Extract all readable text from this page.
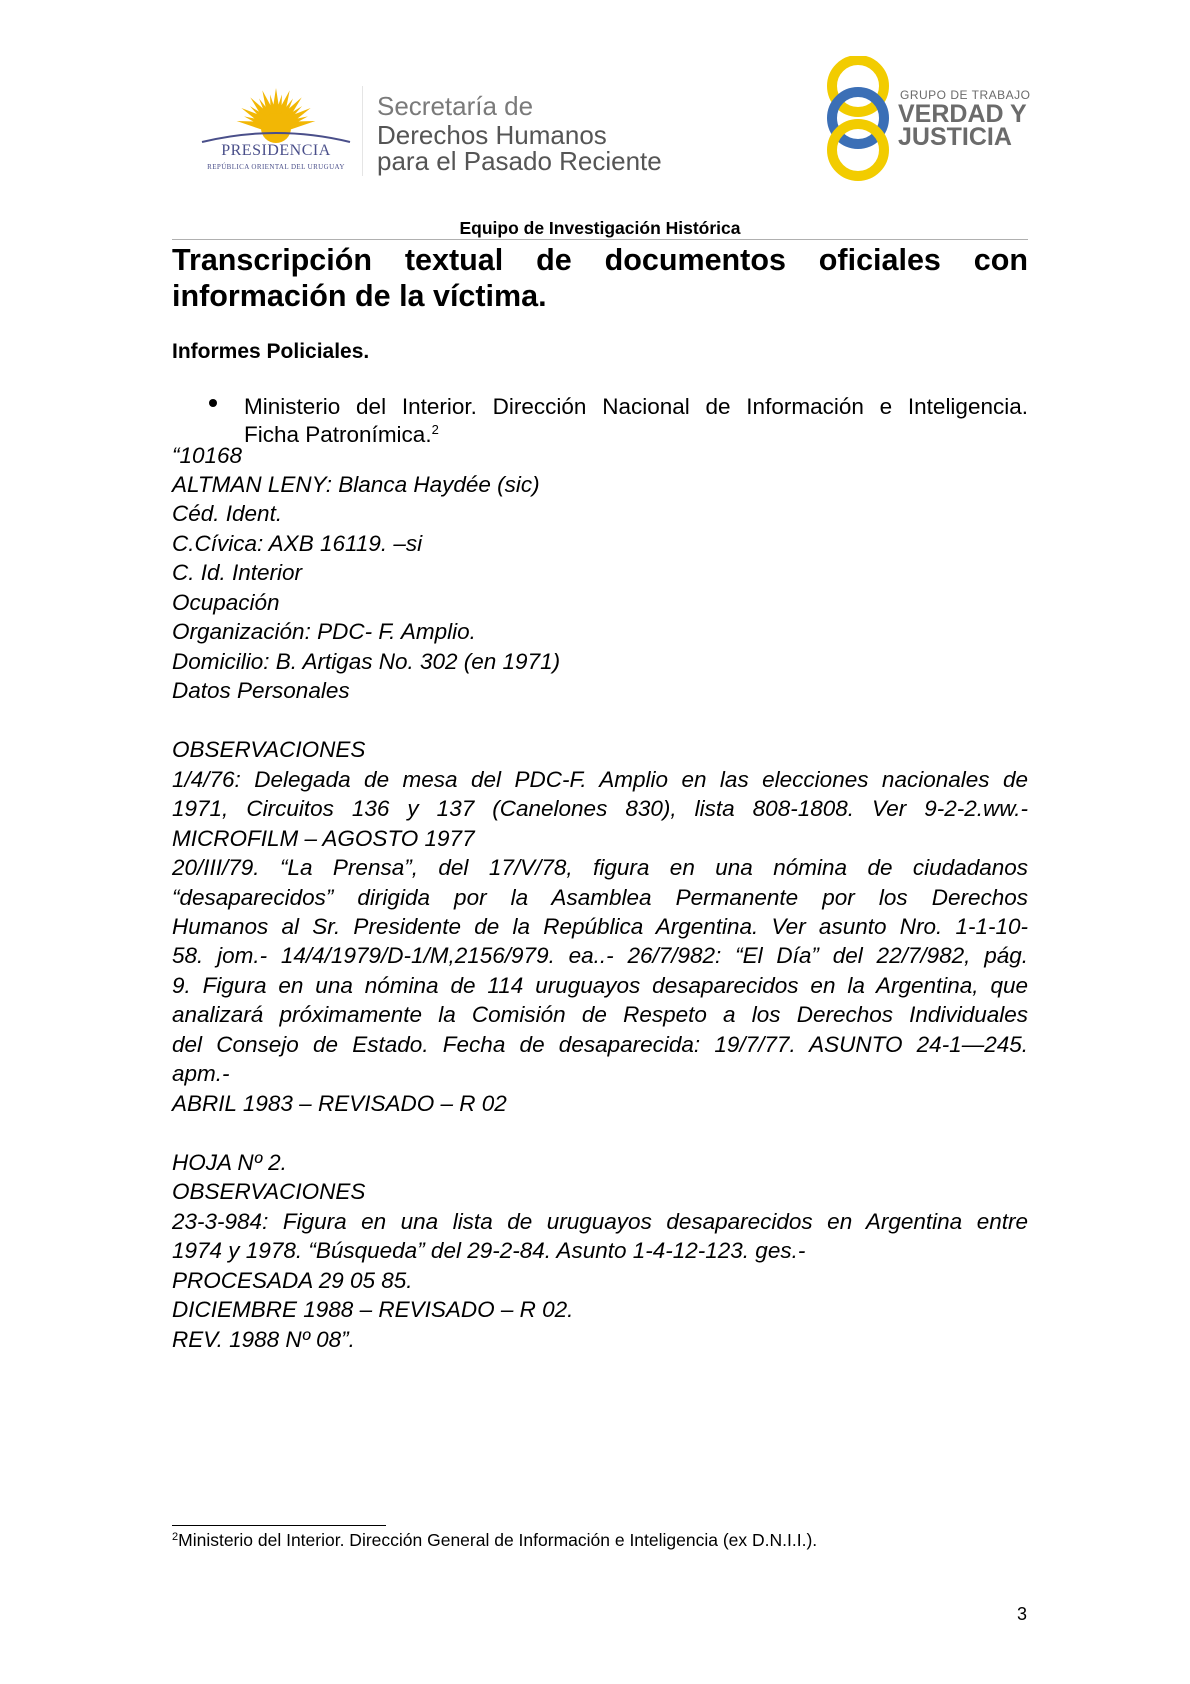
PRESIDENCIA
REPÚBLICA ORIENTAL DEL URUGUAY
Secretaría de
Derechos Humanos
para el Pasado Reciente
GRUPO DE TRABAJO
VERDAD Y
JUSTICIA
Equipo de Investigación Histórica
Transcripción textual de documentos oficiales con
información de la víctima.
Informes Policiales.
Ministerio del Interior. Dirección Nacional de Información e Inteligencia.
Ficha Patronímica.$^2$
“10168
ALTMAN LENY: Blanca Haydée (sic)
Céd. Ident.
C.Cívica: AXB 16119. –si
C. Id. Interior
Ocupación
Organización: PDC- F. Amplio.
Domicilio: B. Artigas No. 302 (en 1971)
Datos Personales
OBSERVACIONES
1/4/76: Delegada de mesa del PDC-F. Amplio en las elecciones nacionales de
1971, Circuitos 136 y 137 (Canelones 830), lista 808-1808. Ver 9-2-2.ww.-
MICROFILM – AGOSTO 1977
20/III/79. “La Prensa”, del 17/V/78, figura en una nómina de ciudadanos
“desaparecidos” dirigida por la Asamblea Permanente por los Derechos
Humanos al Sr. Presidente de la República Argentina. Ver asunto Nro. 1-1-10-
58. jom.- 14/4/1979/D-1/M,2156/979. ea..- 26/7/982: “El Día” del 22/7/982, pág.
9. Figura en una nómina de 114 uruguayos desaparecidos en la Argentina, que
analizará próximamente la Comisión de Respeto a los Derechos Individuales
del Consejo de Estado. Fecha de desaparecida: 19/7/77. ASUNTO 24-1—245.
apm.-
ABRIL 1983 – REVISADO – R 02
HOJA Nº 2.
OBSERVACIONES
23-3-984: Figura en una lista de uruguayos desaparecidos en Argentina entre
1974 y 1978. “Búsqueda” del 29-2-84. Asunto 1-4-12-123. ges.-
PROCESADA 29 05 85.
DICIEMBRE 1988 – REVISADO – R 02.
REV. 1988 Nº 08”.
$^2$Ministerio del Interior. Dirección General de Información e Inteligencia (ex D.N.I.I.).
3
